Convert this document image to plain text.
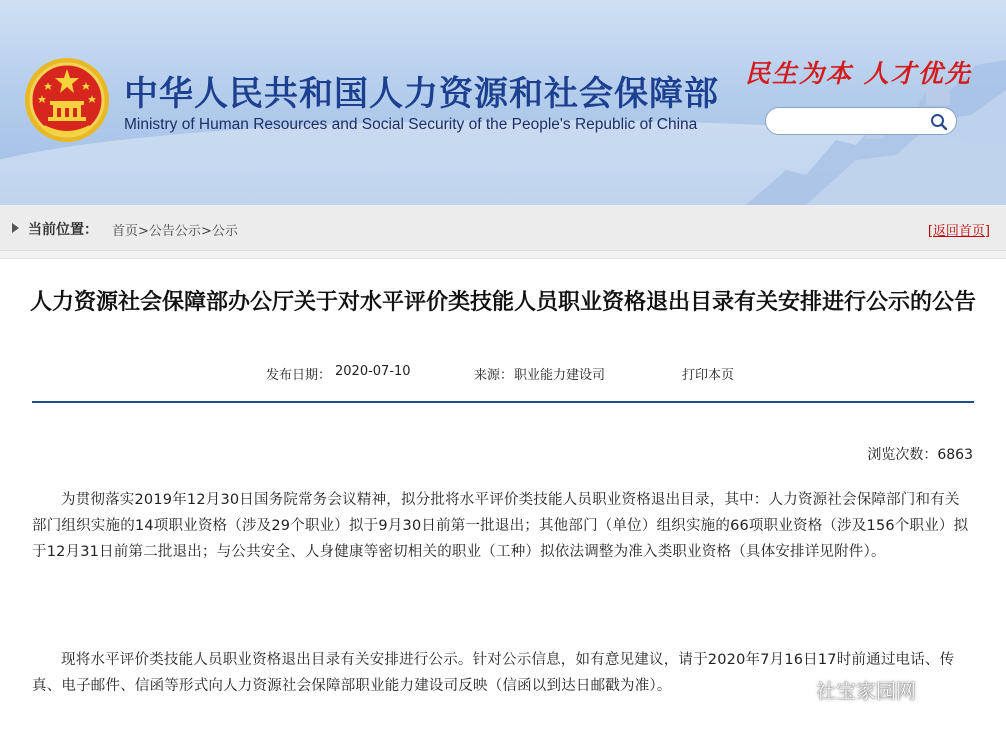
中华人民共和国人力资源和社会保障部
Ministry of Human Resources and Social Security of the People's Republic of China
民生为本 人才优先
当前位置： 首页>公告公示>公示	[返回首页]
人力资源社会保障部办公厅关于对水平评价类技能人员职业资格退出目录有关安排进行公示的公告
发布日期： 2020-07-10	来源： 职业能力建设司	打印本页
浏览次数：6863

为贯彻落实2019年12月30日国务院常务会议精神，拟分批将水平评价类技能人员职业资格退出目录，其中：人力资源社会保障部门和有关部门组织实施的14项职业资格（涉及29个职业）拟于9月30日前第一批退出；其他部门（单位）组织实施的66项职业资格（涉及156个职业）拟于12月31日前第二批退出；与公共安全、人身健康等密切相关的职业（工种）拟依法调整为准入类职业资格（具体安排详见附件）。

现将水平评价类技能人员职业资格退出目录有关安排进行公示。针对公示信息，如有意见建议，请于2020年7月16日17时前通过电话、传真、电子邮件、信函等形式向人力资源社会保障部职业能力建设司反映（信函以到达日邮戳为准）。	社宝家园网
